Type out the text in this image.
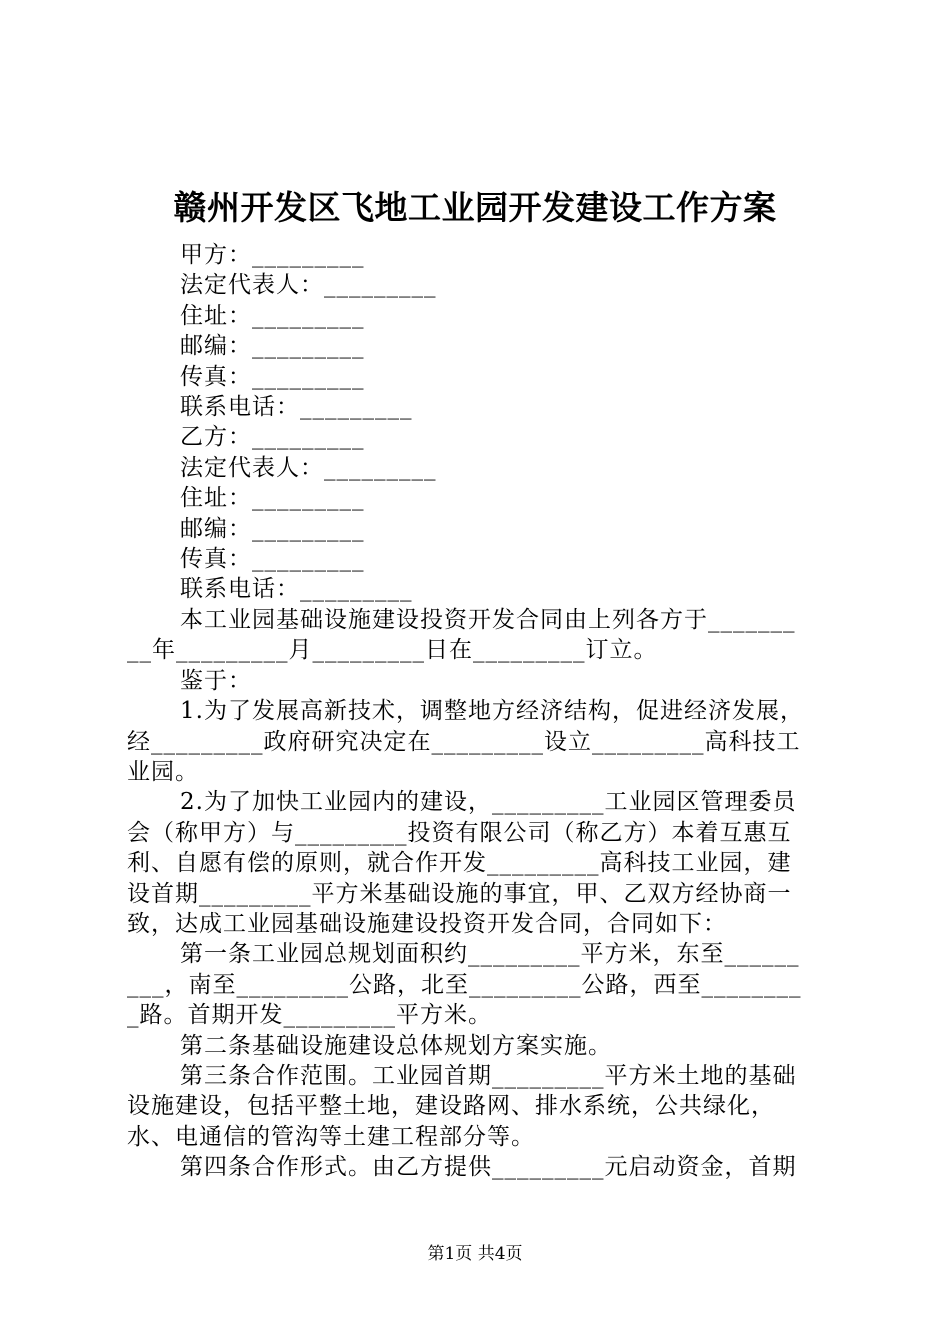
赣州开发区飞地工业园开发建设工作方案
甲方：_________
法定代表人：_________
住址：_________
邮编：_________
传真：_________
联系电话：_________
乙方：_________
法定代表人：_________
住址：_________
邮编：_________
传真：_________
联系电话：_________
本工业园基础设施建设投资开发合同由上列各方于_______
__年_________月_________日在_________订立。
鉴于：
1.为了发展高新技术，调整地方经济结构，促进经济发展，
经_________政府研究决定在_________设立_________高科技工
业园。
2.为了加快工业园内的建设，_________工业园区管理委员
会（称甲方）与_________投资有限公司（称乙方）本着互惠互
利、自愿有偿的原则，就合作开发_________高科技工业园，建
设首期_________平方米基础设施的事宜，甲、乙双方经协商一
致，达成工业园基础设施建设投资开发合同，合同如下：
第一条工业园总规划面积约_________平方米，东至______
___，南至_________公路，北至_________公路，西至________
_路。首期开发_________平方米。
第二条基础设施建设总体规划方案实施。
第三条合作范围。工业园首期_________平方米土地的基础
设施建设，包括平整土地，建设路网、排水系统，公共绿化，
水、电通信的管沟等土建工程部分等。
第四条合作形式。由乙方提供_________元启动资金，首期
第1页 共4页
